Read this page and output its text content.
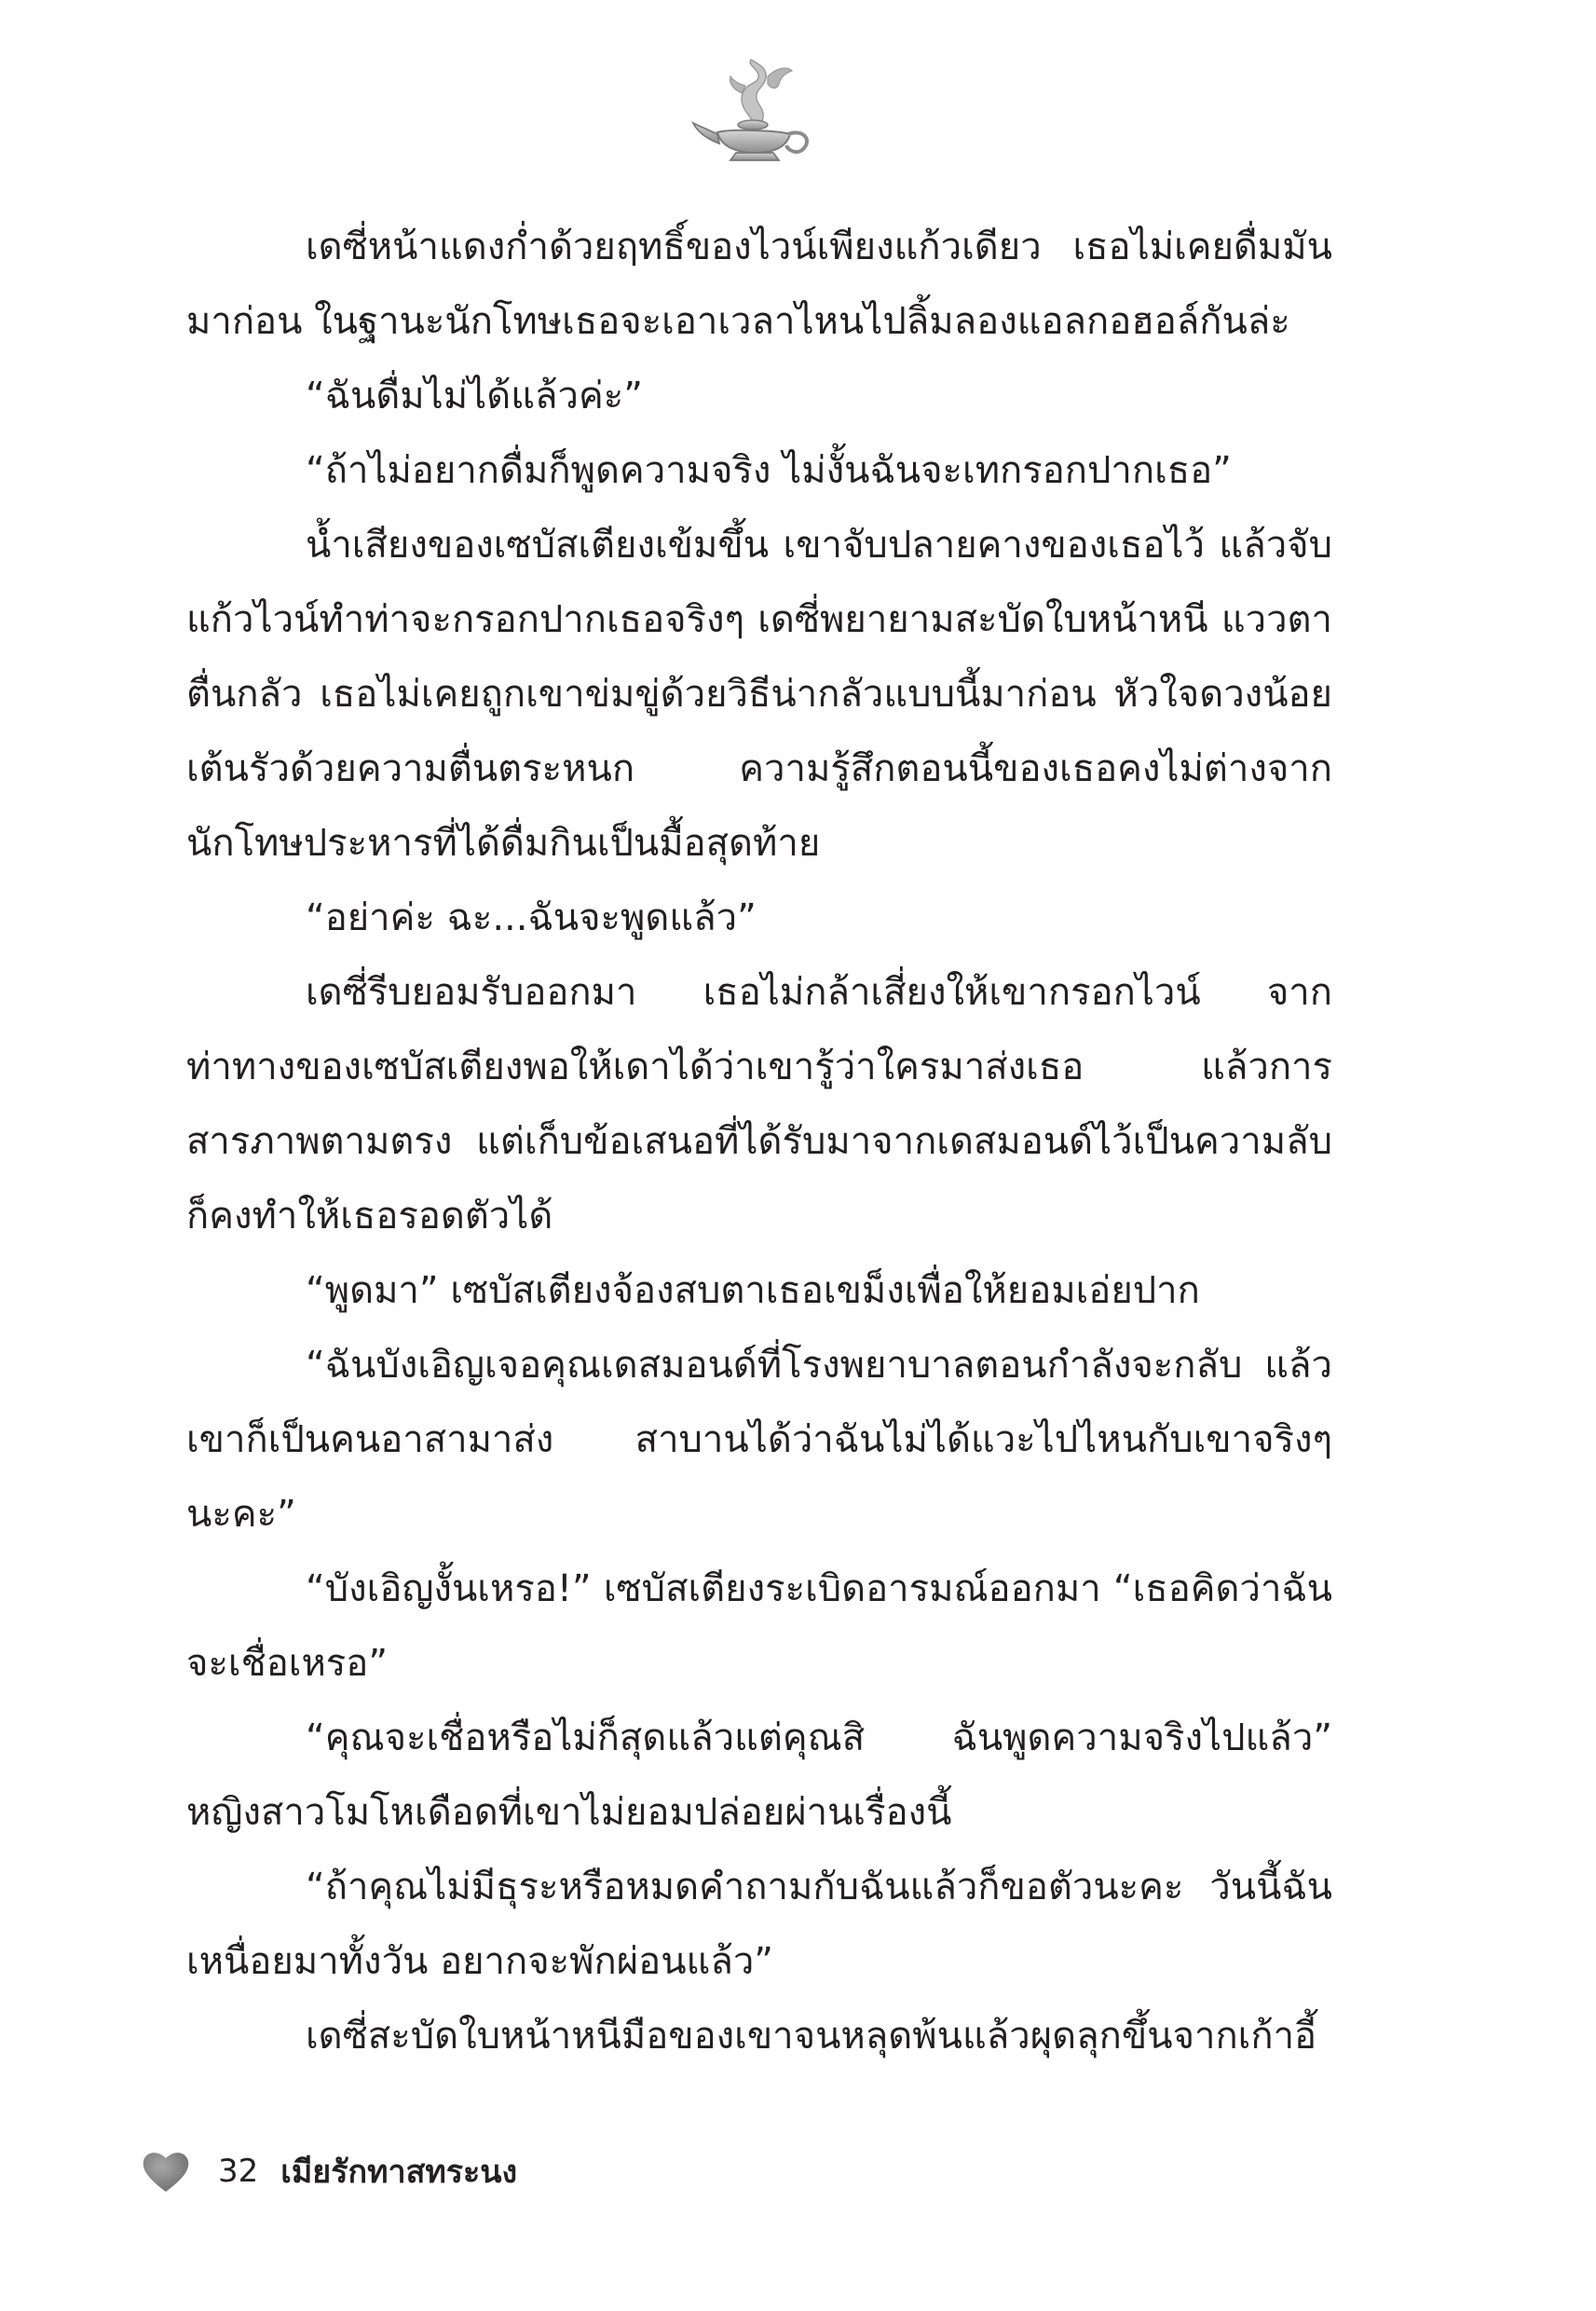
เดซี่หน้าแดงก่ำด้วยฤทธิ์ของไวน์เพียงแก้วเดียว เธอไม่เคยดื่มมันมาก่อน ในฐานะนักโทษเธอจะเอาเวลาไหนไปลิ้มลองแอลกอฮอล์กันล่ะ

“ฉันดื่มไม่ได้แล้วค่ะ”

“ถ้าไม่อยากดื่มก็พูดความจริง ไม่งั้นฉันจะเทกรอกปากเธอ”

น้ำเสียงของเซบัสเตียงเข้มขึ้น เขาจับปลายคางของเธอไว้ แล้วจับแก้วไวน์ทำท่าจะกรอกปากเธอจริงๆ เดซี่พยายามสะบัดใบหน้าหนี แววตาตื่นกลัว เธอไม่เคยถูกเขาข่มขู่ด้วยวิธีน่ากลัวแบบนี้มาก่อน หัวใจดวงน้อยเต้นรัวด้วยความตื่นตระหนก ความรู้สึกตอนนี้ของเธอคงไม่ต่างจากนักโทษประหารที่ได้ดื่มกินเป็นมื้อสุดท้าย

“อย่าค่ะ ฉะ...ฉันจะพูดแล้ว”

เดซี่รีบยอมรับออกมา เธอไม่กล้าเสี่ยงให้เขากรอกไวน์ จากท่าทางของเซบัสเตียงพอให้เดาได้ว่าเขารู้ว่าใครมาส่งเธอ แล้วการสารภาพตามตรง แต่เก็บข้อเสนอที่ได้รับมาจากเดสมอนด์ไว้เป็นความลับ ก็คงทำให้เธอรอดตัวได้

“พูดมา” เซบัสเตียงจ้องสบตาเธอเขม็งเพื่อให้ยอมเอ่ยปาก

“ฉันบังเอิญเจอคุณเดสมอนด์ที่โรงพยาบาลตอนกำลังจะกลับ แล้วเขาก็เป็นคนอาสามาส่ง สาบานได้ว่าฉันไม่ได้แวะไปไหนกับเขาจริงๆ นะคะ”

“บังเอิญงั้นเหรอ!” เซบัสเตียงระเบิดอารมณ์ออกมา “เธอคิดว่าฉันจะเชื่อเหรอ”

“คุณจะเชื่อหรือไม่ก็สุดแล้วแต่คุณสิ ฉันพูดความจริงไปแล้ว” หญิงสาวโมโหเดือดที่เขาไม่ยอมปล่อยผ่านเรื่องนี้

“ถ้าคุณไม่มีธุระหรือหมดคำถามกับฉันแล้วก็ขอตัวนะคะ วันนี้ฉันเหนื่อยมาทั้งวัน อยากจะพักผ่อนแล้ว”

เดซี่สะบัดใบหน้าหนีมือของเขาจนหลุดพ้นแล้วผุดลุกขึ้นจากเก้าอี้

32 เมียรักทาสทระนง
